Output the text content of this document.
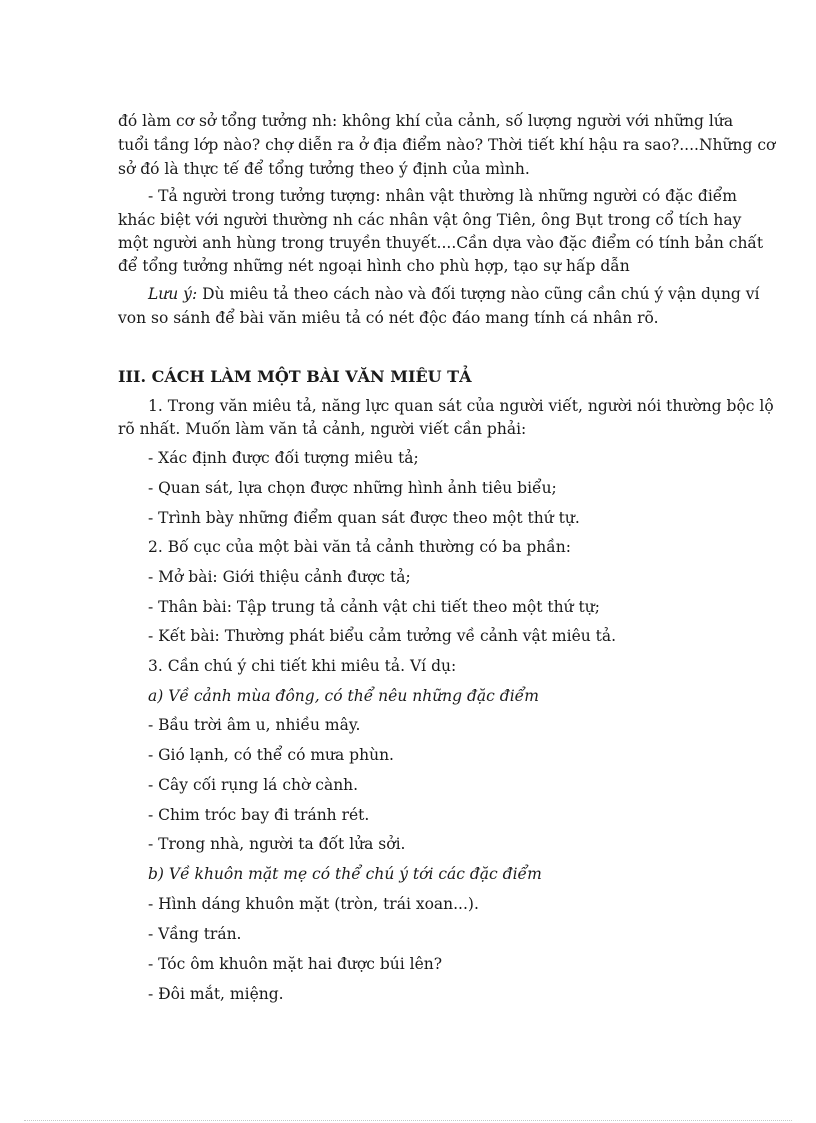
đó làm cơ sở tổng tưởng nh: không khí của cảnh, số lượng người với những lứa

tuổi tầng lớp nào? chợ diễn ra ở địa điểm nào? Thời tiết khí hậu ra sao?....Những cơ

sở đó là thực tế để tổng tưởng theo ý định của mình.

- Tả người trong tưởng tượng: nhân vật thường là những người có đặc điểm

khác biệt với người thường nh các nhân vật ông Tiên, ông Bụt trong cổ tích hay

một người anh hùng trong truyền thuyết....Cần dựa vào đặc điểm có tính bản chất

để tổng tưởng những nét ngoại hình cho phù hợp, tạo sự hấp dẫn

Lưu ý: Dù miêu tả theo cách nào và đối tượng nào cũng cần chú ý vận dụng ví

von so sánh để bài văn miêu tả có nét độc đáo mang tính cá nhân rõ.

III. CÁCH LÀM MỘT BÀI VĂN MIÊU TẢ

1. Trong văn miêu tả, năng lực quan sát của người viết, người nói thường bộc lộ

rõ nhất. Muốn làm văn tả cảnh, người viết cần phải:

- Xác định được đối tượng miêu tả;

- Quan sát, lựa chọn được những hình ảnh tiêu biểu;

- Trình bày những điểm quan sát được theo một thứ tự.

2. Bố cục của một bài văn tả cảnh thường có ba phần:

- Mở bài: Giới thiệu cảnh được tả;

- Thân bài: Tập trung tả cảnh vật chi tiết theo một thứ tự;

- Kết bài: Thường phát biểu cảm tưởng về cảnh vật miêu tả.

3. Cần chú ý chi tiết khi miêu tả. Ví dụ:

a) Về cảnh mùa đông, có thể nêu những đặc điểm

- Bầu trời âm u, nhiều mây.

- Gió lạnh, có thể có mưa phùn.

- Cây cối rụng lá chờ cành.

- Chim tróc bay đi tránh rét.

- Trong nhà, người ta đốt lửa sởi.

b) Về khuôn mặt mẹ có thể chú ý tới các đặc điểm

- Hình dáng khuôn mặt (tròn, trái xoan...).

- Vầng trán.

- Tóc ôm khuôn mặt hai được búi lên?

- Đôi mắt, miệng.
